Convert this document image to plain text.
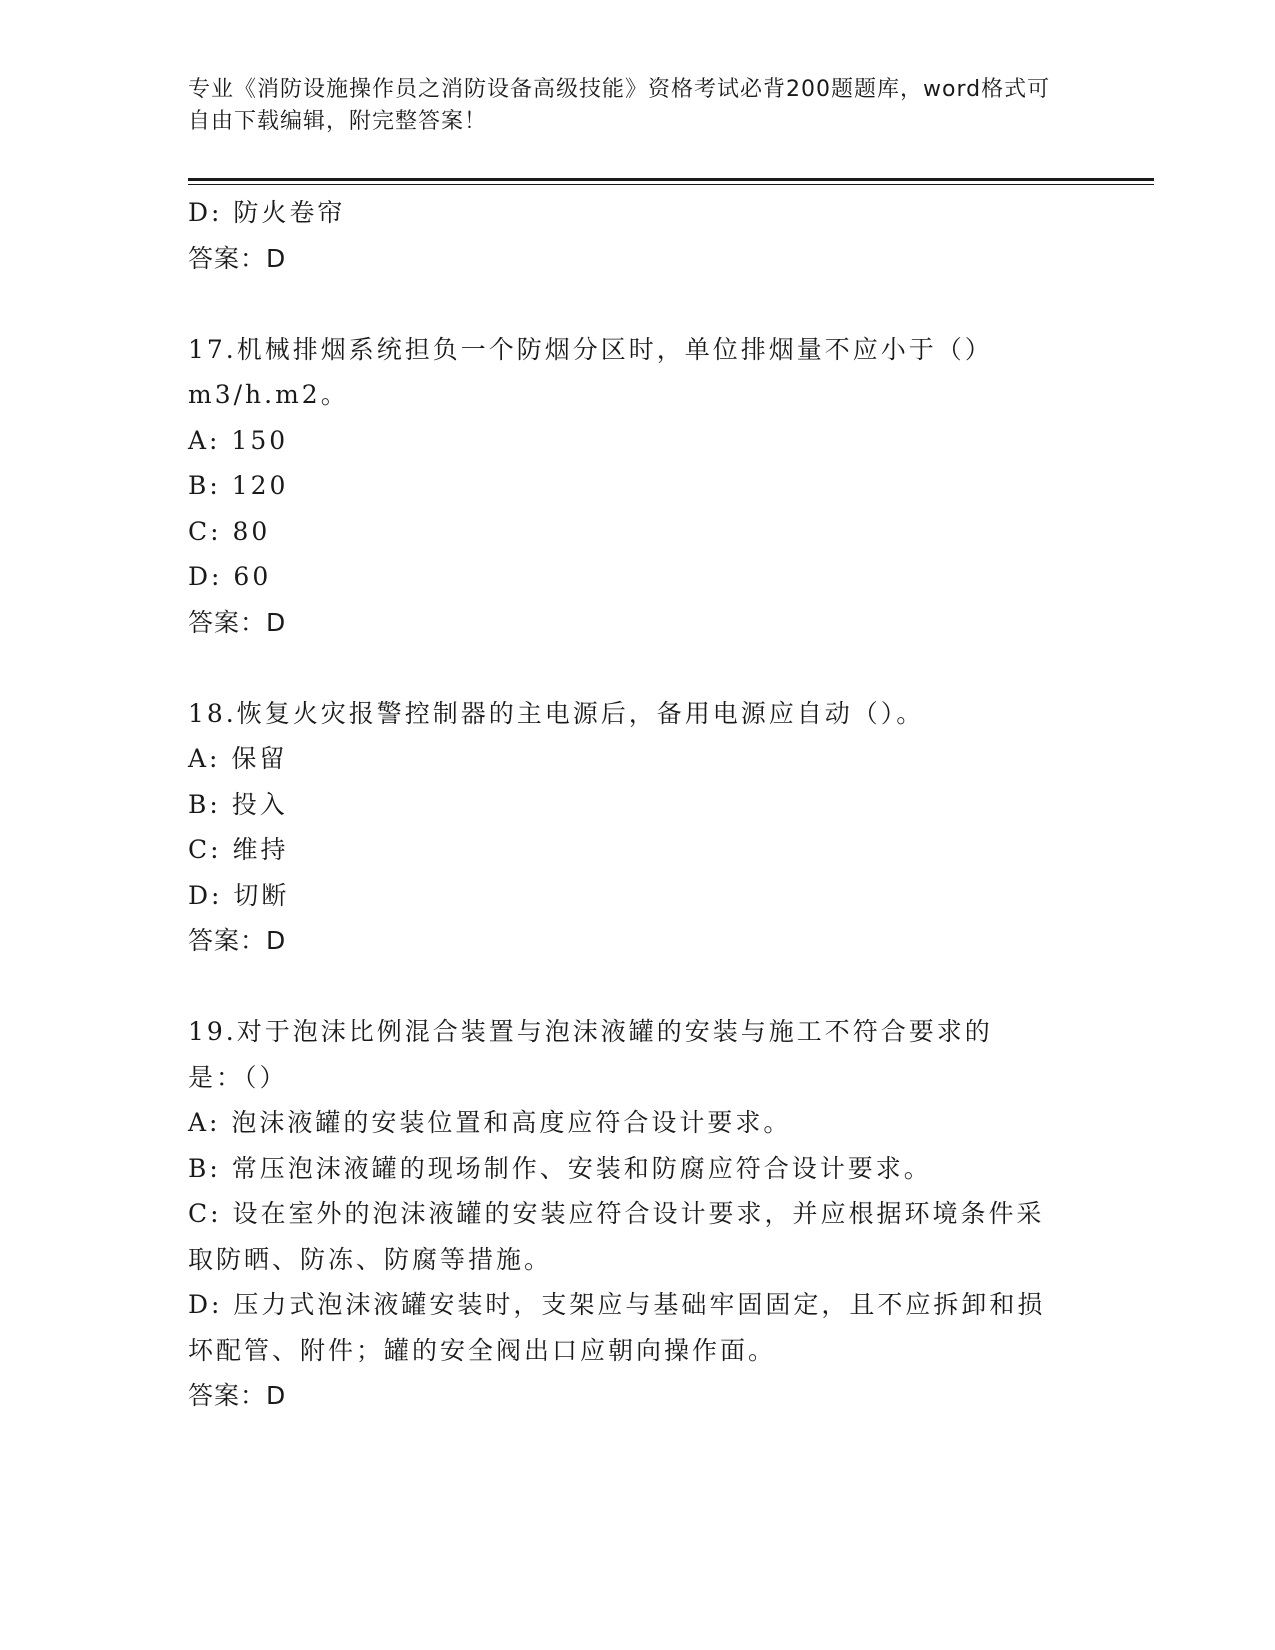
专业《消防设施操作员之消防设备高级技能》资格考试必背200题题库，word格式可自由下载编辑，附完整答案！
D: 防火卷帘
答案：D
17.机械排烟系统担负一个防烟分区时，单位排烟量不应小于（）m3/h.m2。
A: 150
B: 120
C: 80
D: 60
答案：D
18.恢复火灾报警控制器的主电源后，备用电源应自动（）。
A: 保留
B: 投入
C: 维持
D: 切断
答案：D
19.对于泡沫比例混合装置与泡沫液罐的安装与施工不符合要求的是：（）
A: 泡沫液罐的安装位置和高度应符合设计要求。
B: 常压泡沫液罐的现场制作、安装和防腐应符合设计要求。
C: 设在室外的泡沫液罐的安装应符合设计要求，并应根据环境条件采取防晒、防冻、防腐等措施。
D: 压力式泡沫液罐安装时，支架应与基础牢固固定，且不应拆卸和损坏配管、附件；罐的安全阀出口应朝向操作面。
答案：D
